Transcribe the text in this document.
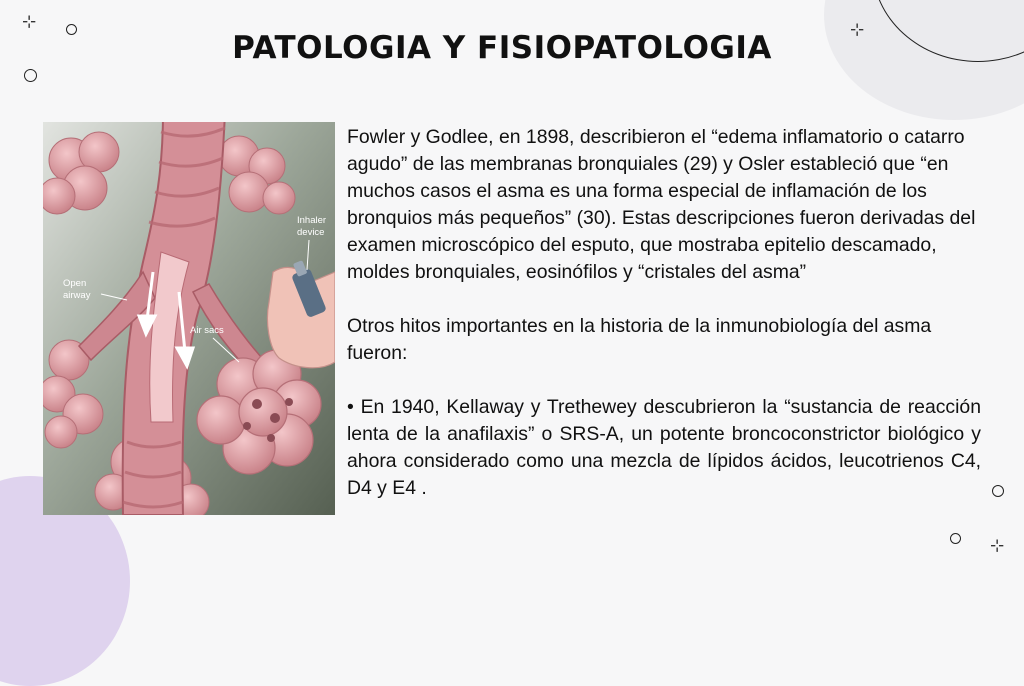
⊹	⊹
⊹
PATOLOGIA Y FISIOPATOLOGIA
Inhaler
device
Open
airway
Air sacs

Fowler y Godlee, en 1898, describieron el “edema inflamatorio o catarro agudo” de las membranas bronquiales (29) y Osler estableció que “en muchos casos el asma es una forma especial de inflamación de los bronquios más pequeños” (30). Estas descripciones fueron derivadas del examen microscópico del esputo, que mostraba epitelio descamado, moldes bronquiales, eosinófilos y “cristales del asma”

Otros hitos importantes en la historia de la inmunobiología del asma fueron:

• En 1940, Kellaway y Trethewey descubrieron la “sustancia de reacción lenta de la anafilaxis” o SRS-A, un potente broncoconstrictor biológico y ahora considerado como una mezcla de lípidos ácidos, leucotrienos C4, D4 y E4 .
